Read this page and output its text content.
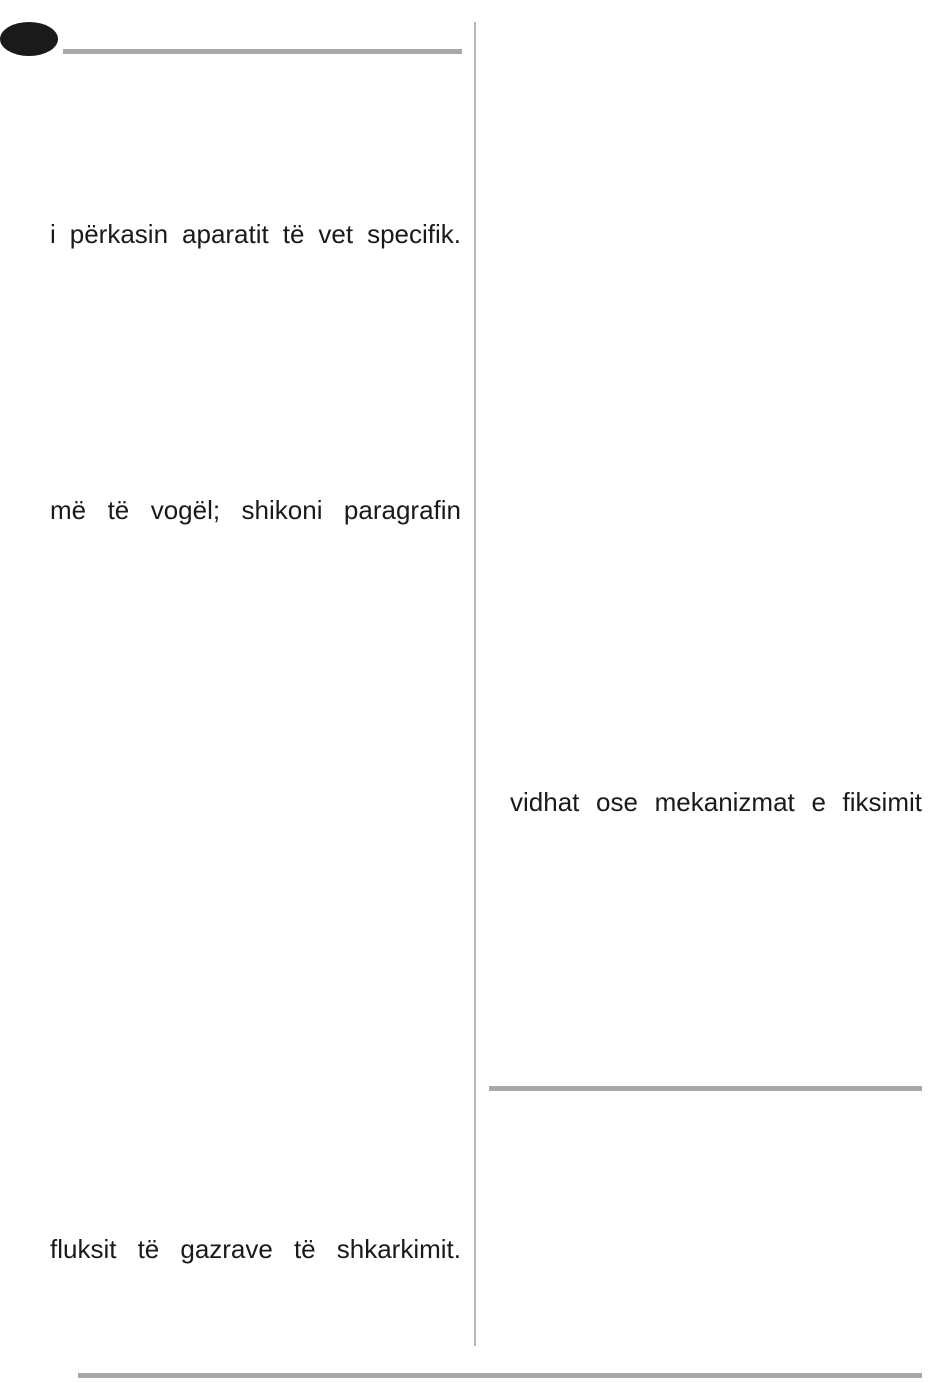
i përkasin aparatit të vet specifik.
më të vogël; shikoni paragrafin
vidhat ose mekanizmat e fiksimit
fluksit të gazrave të shkarkimit.
